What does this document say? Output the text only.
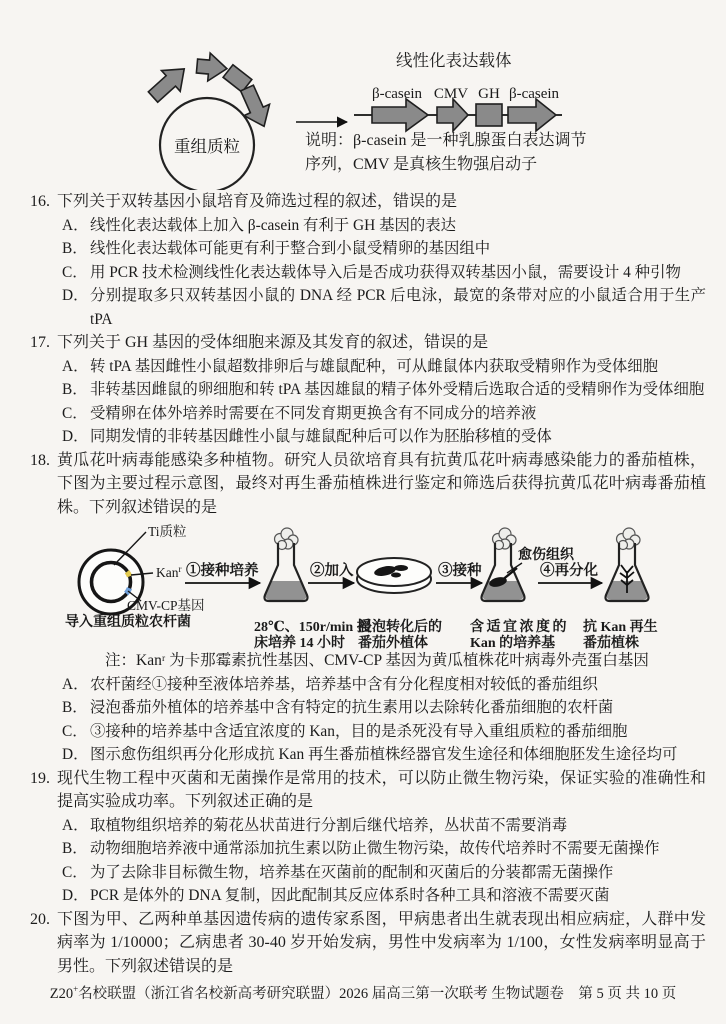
重组质粒
β-casein CMV GH β-casein
线性化表达载体
说明：β-casein 是一种乳腺蛋白表达调节
序列，CMV 是真核生物强启动子
16. 下列关于双转基因小鼠培育及筛选过程的叙述，错误的是
A． 线性化表达载体上加入 β-casein 有利于 GH 基因的表达
B． 线性化表达载体可能更有利于整合到小鼠受精卵的基因组中
C． 用 PCR 技术检测线性化表达载体导入后是否成功获得双转基因小鼠，需要设计 4 种引物
D． 分别提取多只双转基因小鼠的 DNA 经 PCR 后电泳，最宽的条带对应的小鼠适合用于生产 tPA
17. 下列关于 GH 基因的受体细胞来源及其发育的叙述，错误的是
A． 转 tPA 基因雌性小鼠超数排卵后与雄鼠配种，可从雌鼠体内获取受精卵作为受体细胞
B． 非转基因雌鼠的卵细胞和转 tPA 基因雄鼠的精子体外受精后选取合适的受精卵作为受体细胞
C． 受精卵在体外培养时需要在不同发育期更换含有不同成分的培养液
D． 同期发情的非转基因雌性小鼠与雄鼠配种后可以作为胚胎移植的受体
18. 黄瓜花叶病毒能感染多种植物。研究人员欲培育具有抗黄瓜花叶病毒感染能力的番茄植株，下图为主要过程示意图，最终对再生番茄植株进行鉴定和筛选后获得抗黄瓜花叶病毒番茄植株。下列叙述错误的是
Ti质粒
Kan$^r$
CMV-CP基因
导入重组质粒农杆菌
①接种培养
28℃、150r/min 摇
床培养 14 小时
②加入
浸泡转化后的
番茄外植体
③接种
愈伤组织
含适宜浓度的
Kan 的培养基
④再分化
抗 Kan 再生
番茄植株
注：Kanʳ 为卡那霉素抗性基因、CMV-CP 基因为黄瓜植株花叶病毒外壳蛋白基因
A． 农杆菌经①接种至液体培养基，培养基中含有分化程度相对较低的番茄组织
B． 浸泡番茄外植体的培养基中含有特定的抗生素用以去除转化番茄细胞的农杆菌
C． ③接种的培养基中含适宜浓度的 Kan，目的是杀死没有导入重组质粒的番茄细胞
D． 图示愈伤组织再分化形成抗 Kan 再生番茄植株经器官发生途径和体细胞胚发生途径均可
19. 现代生物工程中灭菌和无菌操作是常用的技术，可以防止微生物污染，保证实验的准确性和提高实验成功率。下列叙述正确的是
A． 取植物组织培养的菊花丛状苗进行分割后继代培养，丛状苗不需要消毒
B． 动物细胞培养液中通常添加抗生素以防止微生物污染，故传代培养时不需要无菌操作
C． 为了去除非目标微生物，培养基在灭菌前的配制和灭菌后的分装都需无菌操作
D． PCR 是体外的 DNA 复制，因此配制其反应体系时各种工具和溶液不需要灭菌
20. 下图为甲、乙两种单基因遗传病的遗传家系图，甲病患者出生就表现出相应病症，人群中发病率为 1/10000；乙病患者 30-40 岁开始发病，男性中发病率为 1/100，女性发病率明显高于男性。下列叙述错误的是
Z20+名校联盟（浙江省名校新高考研究联盟）2026 届高三第一次联考 生物试题卷　第 5 页 共 10 页
